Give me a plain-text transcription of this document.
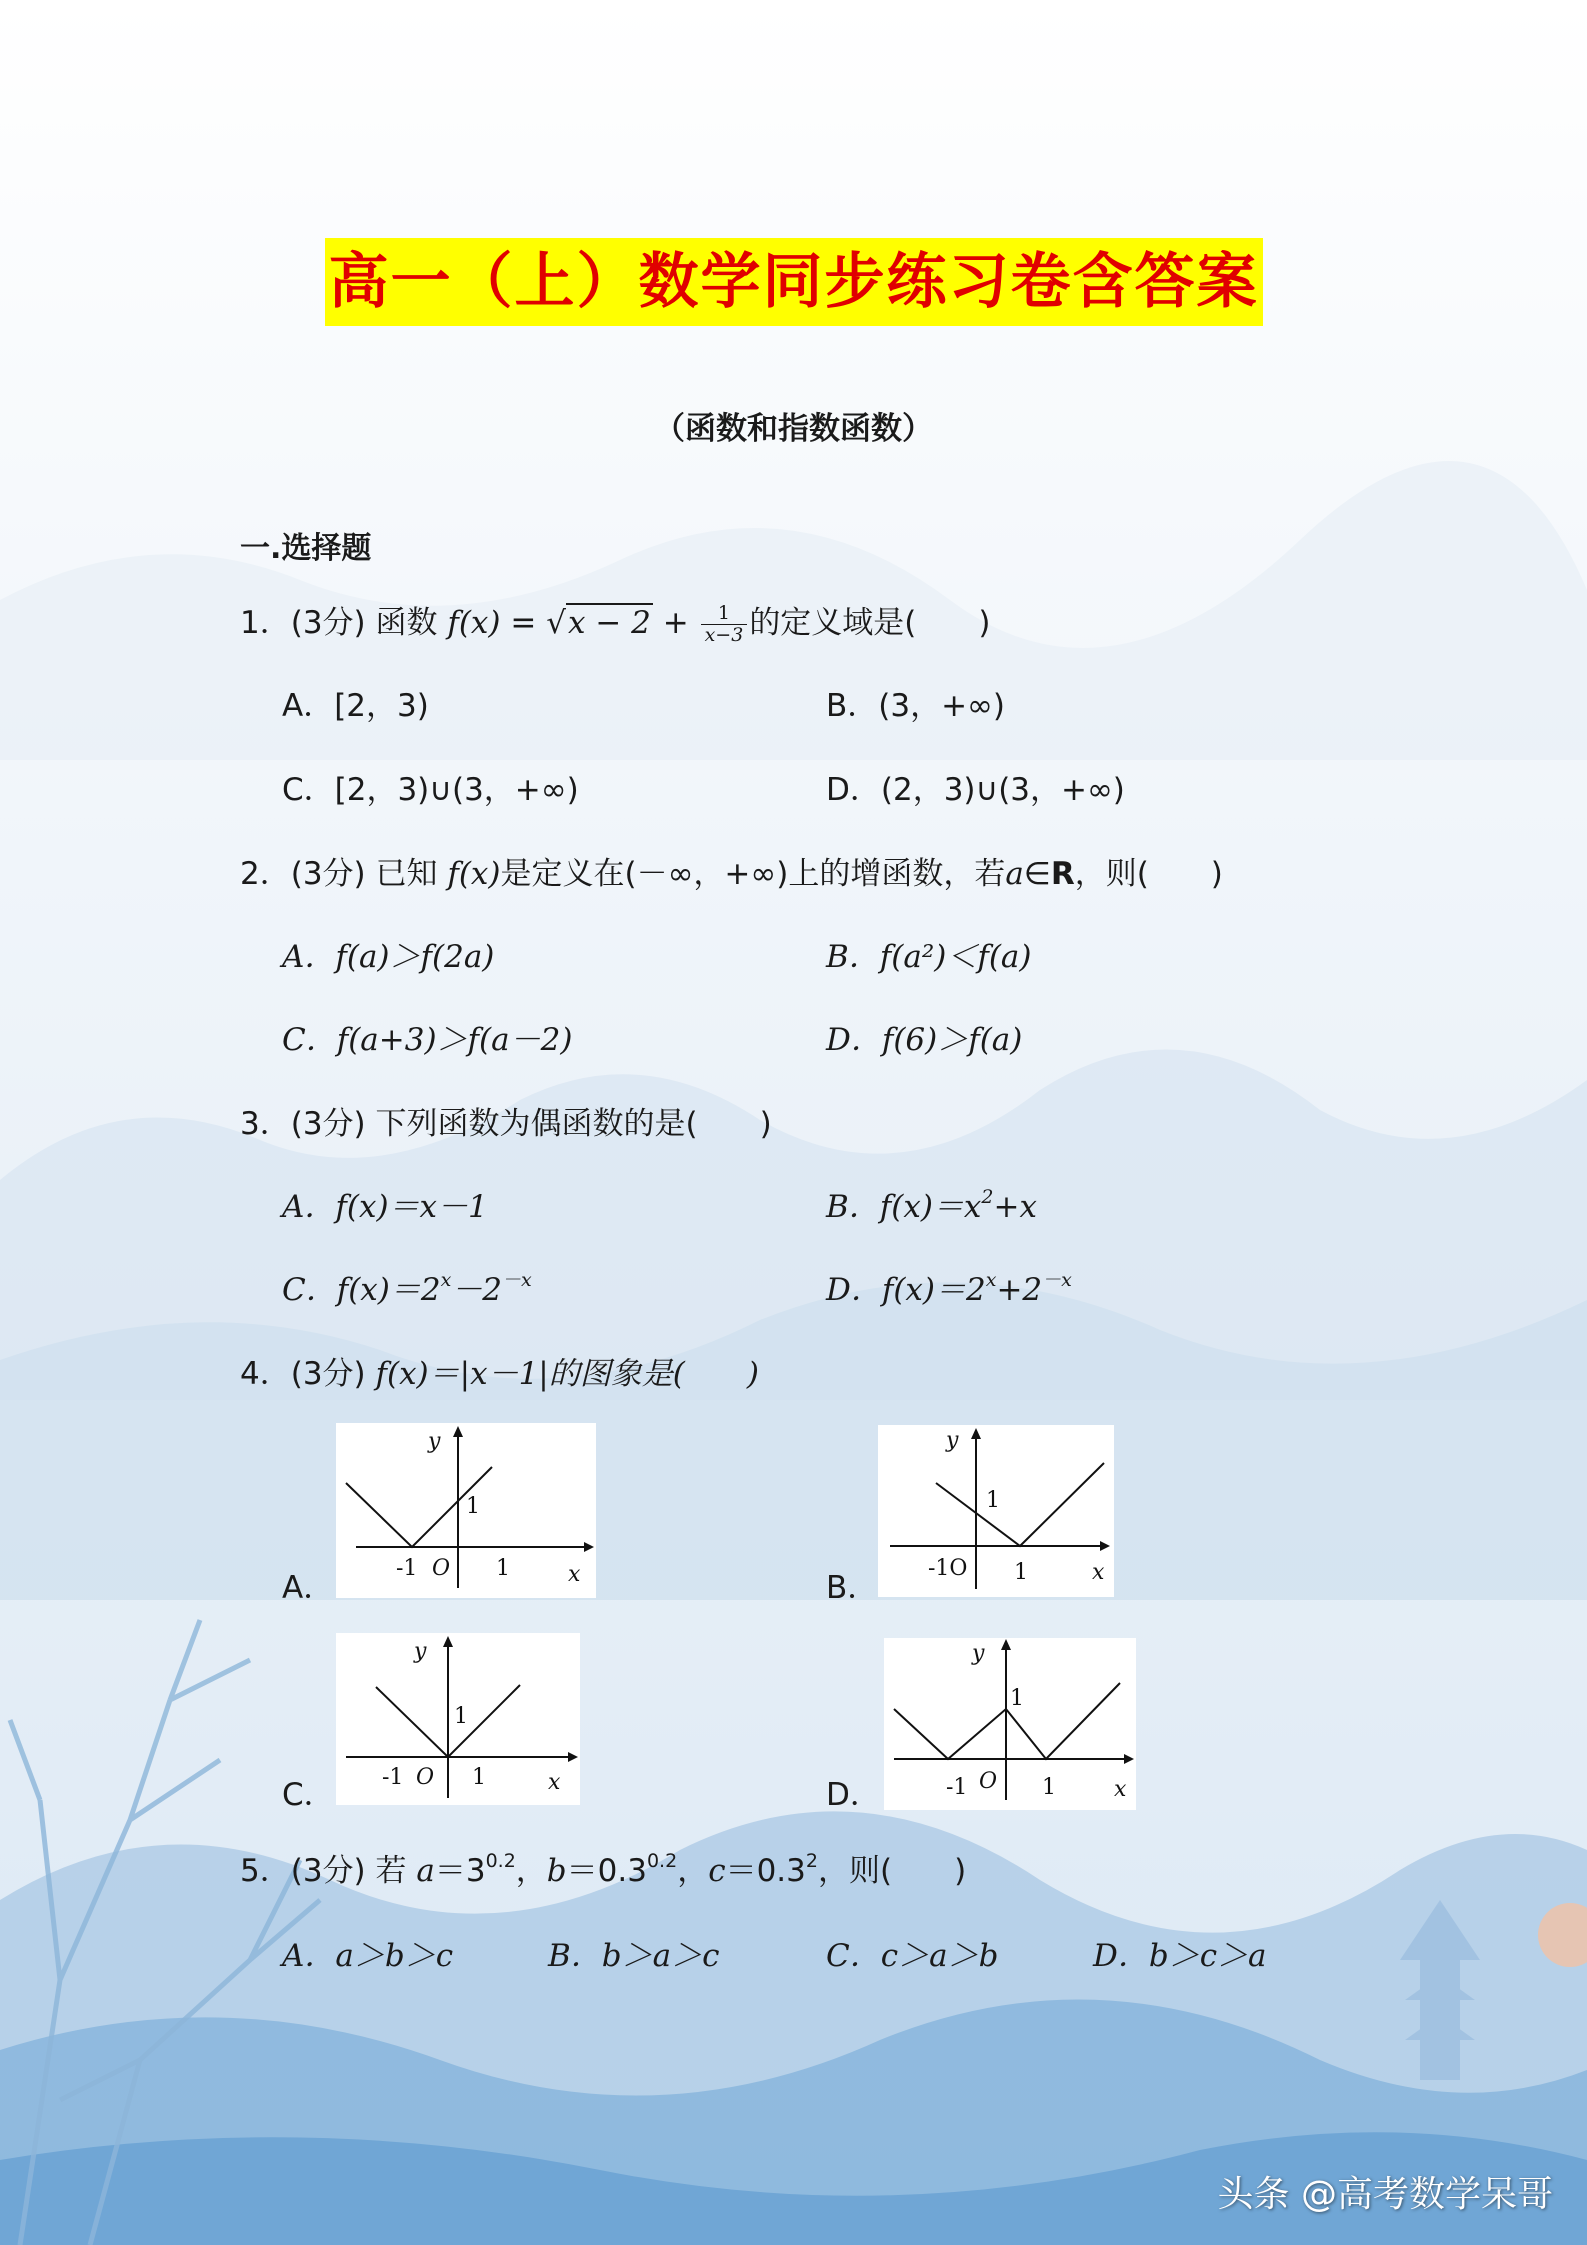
高一（上）数学同步练习卷含答案
（函数和指数函数）
一.选择题
1．(3分) 函数 $f(x) = √x - 2 + \frac{1}{x-3}$ 的定义域是(　　)
A．[2，3)	B．(3，+∞)
C．[2，3)∪(3，+∞)	D．(2，3)∪(3，+∞)
2．(3分) 已知 f(x)是定义在(－∞，+∞)上的增函数，若a∈R，则(　　)
A．f(a)＞f(2a)	B．f(a²)＜f(a)
C．f(a+3)＞f(a－2)	D．f(6)＞f(a)
3．(3分) 下列函数为偶函数的是(　　)
A．f(x)＝x－1	B．$f(x)=x^2+x$
C．$f(x)=2^x-2^{-x}$	D．$f(x)=2^x+2^{-x}$
4．(3分) f(x)＝|x－1|的图象是(　　)
A．
y
x
1
-1 O 1
B．
y
x
1
-1O 1
C．
y
x
1
-1 O 1	D．
y
x
1
-1 O 1
5．(3分) 若 $a=3^{0.2}$，$b=0.3^{0.2}$，$c=0.3^2$，则(　　)
A．a＞b＞c	B．b＞a＞c	C．c＞a＞b	D．b＞c＞a
头条 @高考数学呆哥
